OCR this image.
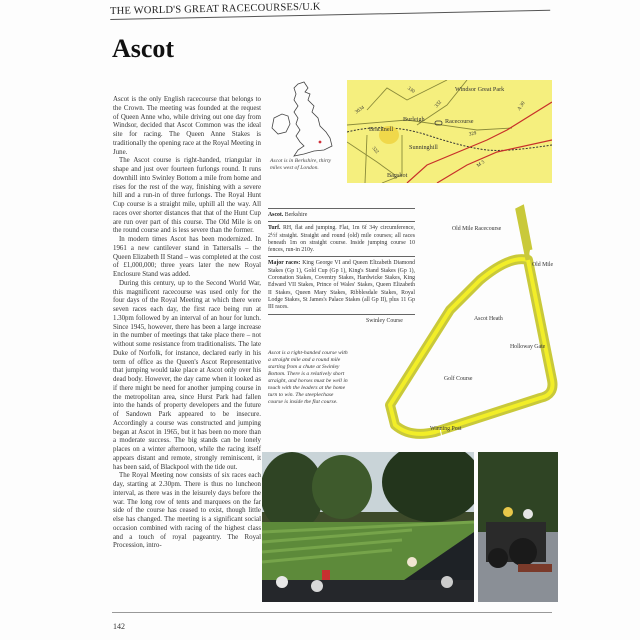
THE WORLD'S GREAT RACECOURSES/U.K
Ascot

Ascot is the only English racecourse that belongs to the Crown. The meeting was founded at the request of Queen Anne who, while driving out one day from Windsor, decided that Ascot Common was the ideal site for racing. The Queen Anne Stakes is traditionally the opening race at the Royal Meeting in June.

The Ascot course is right-handed, triangular in shape and just over fourteen furlongs round. It runs downhill into Swinley Bottom a mile from home and rises for the rest of the way, finishing with a severe hill and a run-in of three furlongs. The Royal Hunt Cup course is a straight mile, uphill all the way. All races over shorter distances that that of the Hunt Cup are run over part of this course. The Old Mile is on the round course and is less severe than the former.

In modern times Ascot has been modernized. In 1961 a new cantilever stand in Tattersalls – the Queen Elizabeth II Stand – was completed at the cost of £1,000,000; three years later the new Royal Enclosure Stand was added.

During this century, up to the Second World War, this magnificent racecourse was used only for the four days of the Royal Meeting at which there were seven races each day, the first race being run at 1.30pm followed by an interval of an hour for lunch. Since 1945, however, there has been a large increase in the number of meetings that take place there – not without some resistance from traditionalists. The late Duke of Norfolk, for instance, declared early in his term of office as the Queen's Ascot Representative that jumping would take place at Ascot only over his dead body. However, the day came when it looked as if there might be need for another jumping course in the metropolitan area, since Hurst Park had fallen into the hands of property developers and the future of Sandown Park appeared to be insecure. Accordingly a course was constructed and jumping began at Ascot in 1965, but it has been no more than a moderate success. The big stands can be lonely places on a winter afternoon, while the racing itself appears distant and remote, strongly reminiscent, it has been said, of Blackpool with the tide out.

The Royal Meeting now consists of six races each day, starting at 2.30pm. There is thus no luncheon interval, as there was in the leisurely days before the war. The long row of tents and marquees on the far side of the course has ceased to exist, though little else has changed. The meeting is a significant social occasion combined with racing of the highest class and a touch of royal pageantry. The Royal Procession, intro-

Ascot is in Berkshire, thirty miles west of London.
Windsor Great Park
Bracknell
Burleigh	Racecourse
Sunninghill
Bagshot
330
3034
332
329
322
A 30
M 3

Ascot. Berkshire

Turf. RH, flat and jumping. Flat, 1m 6f 34y circumference, 2½f straight. Straight and round (old) mile courses; all races beneath 1m on straight course. Inside jumping course 10 fences, run-in 210y.

Major races: King George VI and Queen Elizabeth Diamond Stakes (Gp 1), Gold Cup (Gp 1), King's Stand Stakes (Gp 1), Coronation Stakes, Coventry Stakes, Hardwicke Stakes, King Edward VII Stakes, Prince of Wales' Stakes, Queen Elizabeth II Stakes, Queen Mary Stakes, Ribblesdale Stakes, Royal Lodge Stakes, St James's Palace Stakes (all Gp II), plus 11 Gp III races.

Ascot is a right-handed course with a straight mile and a round mile starting from a chute at Swinley Bottom. There is a relatively short straight, and horses must be well in touch with the leaders at the home turn to win. The steeplechase course is inside the flat course.
Old Mile Racecourse
Old Mile
Swinley Course	Ascot Heath
Holloway Gate
Golf Course
Winning Post
142
